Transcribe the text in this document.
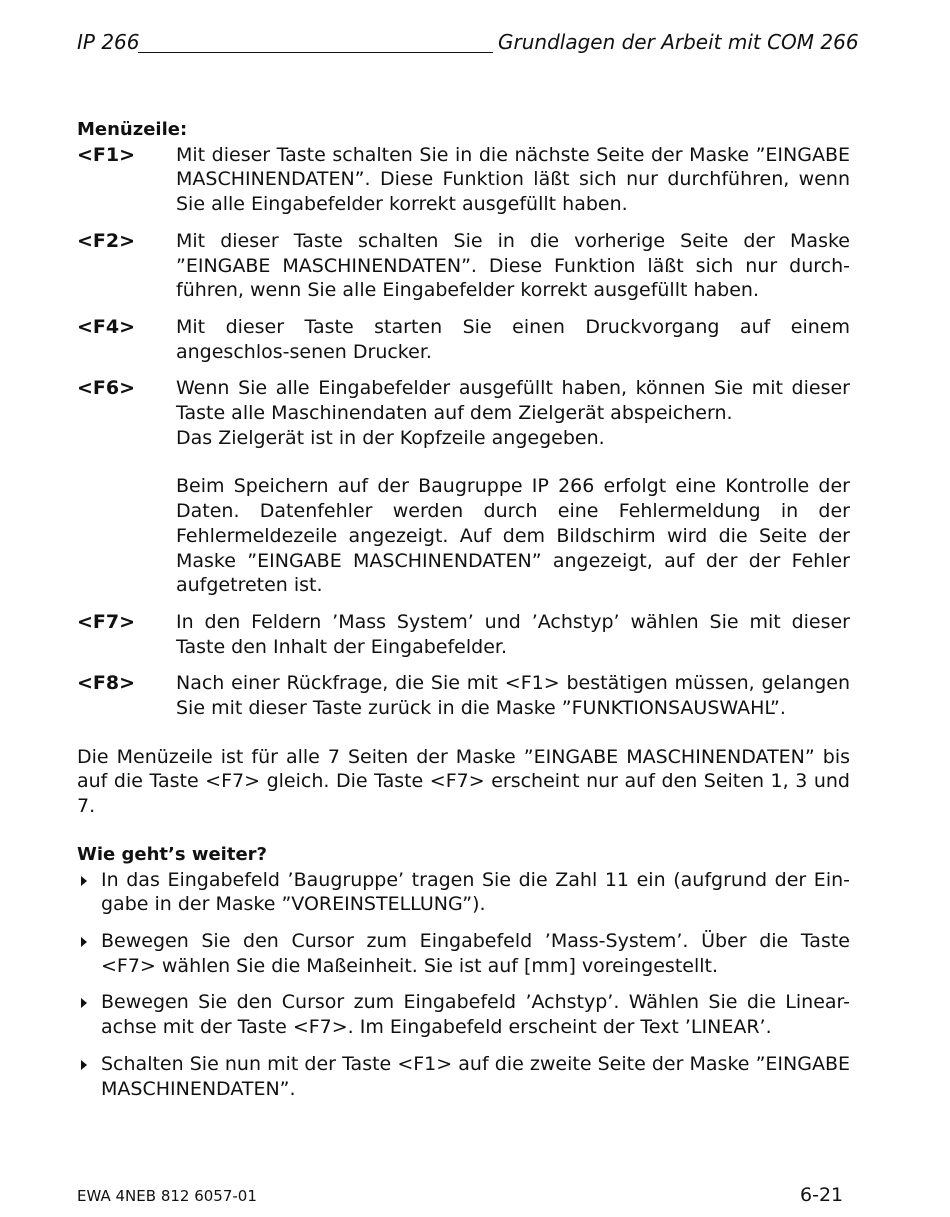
IP 266	Grundlagen der Arbeit mit COM 266
Menüzeile:
<F1>	Mit dieser Taste schalten Sie in die nächste Seite der Maske ”EINGABE MASCHINENDATEN”. Diese Funktion läßt sich nur durchführen, wenn Sie alle Eingabefelder korrekt ausgefüllt haben.

<F2>	Mit dieser Taste schalten Sie in die vorherige Seite der Maske ”EINGABE MASCHINENDATEN”. Diese Funktion läßt sich nur durch-führen, wenn Sie alle Eingabefelder korrekt ausgefüllt haben.

<F4>	Mit dieser Taste starten Sie einen Druckvorgang auf einem angeschlos-senen Drucker.

<F6>	Wenn Sie alle Eingabefelder ausgefüllt haben, können Sie mit dieser Taste alle Maschinendaten auf dem Zielgerät abspeichern.

Das Zielgerät ist in der Kopfzeile angegeben.

Beim Speichern auf der Baugruppe IP 266 erfolgt eine Kontrolle der Daten. Datenfehler werden durch eine Fehlermeldung in der Fehlermeldezeile angezeigt. Auf dem Bildschirm wird die Seite der Maske ”EINGABE MASCHINENDATEN” angezeigt, auf der der Fehler aufgetreten ist.

<F7>	In den Feldern ’Mass System’ und ’Achstyp’ wählen Sie mit dieser Taste den Inhalt der Eingabefelder.

<F8>	Nach einer Rückfrage, die Sie mit <F1> bestätigen müssen, gelangen Sie mit dieser Taste zurück in die Maske ”FUNKTIONSAUSWAHL”.

Die Menüzeile ist für alle 7 Seiten der Maske ”EINGABE MASCHINENDATEN” bis auf die Taste <F7> gleich. Die Taste <F7> erscheint nur auf den Seiten 1, 3 und 7.

Wie geht’s weiter?
In das Eingabefeld ’Baugruppe’ tragen Sie die Zahl 11 ein (aufgrund der Ein-gabe in der Maske ”VOREINSTELLUNG”).
Bewegen Sie den Cursor zum Eingabefeld ’Mass-System’. Über die Taste <F7> wählen Sie die Maßeinheit. Sie ist auf [mm] voreingestellt.
Bewegen Sie den Cursor zum Eingabefeld ’Achstyp’. Wählen Sie die Linear-achse mit der Taste <F7>. Im Eingabefeld erscheint der Text ’LINEAR’.
Schalten Sie nun mit der Taste <F1> auf die zweite Seite der Maske ”EINGABE MASCHINENDATEN”.
EWA 4NEB 812 6057-01	6-21
